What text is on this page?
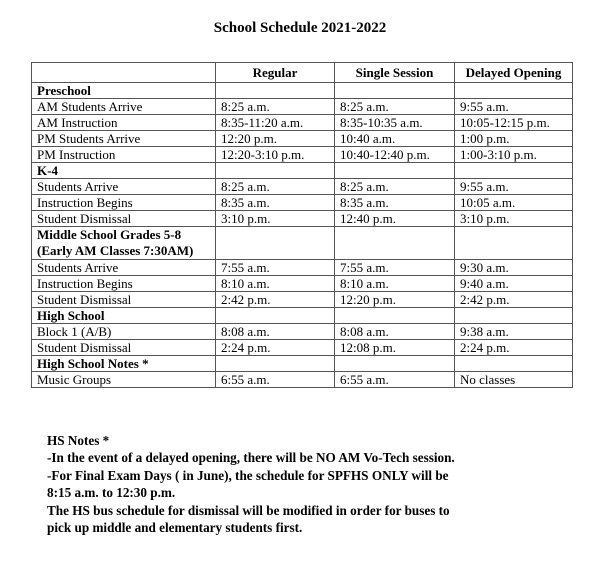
School Schedule 2021-2022
	Regular	Single Session	Delayed Opening

Preschool			

AM Students Arrive	8:25 a.m.	8:25 a.m.	9:55 a.m.
AM Instruction	8:35-11:20 a.m.	8:35-10:35 a.m.	10:05-12:15 p.m.
PM Students Arrive	12:20 p.m.	10:40 a.m.	1:00 p.m.
PM Instruction	12:20-3:10 p.m.	10:40-12:40 p.m.	1:00-3:10 p.m.

K-4			

Students Arrive	8:25 a.m.	8:25 a.m.	9:55 a.m.
Instruction Begins	8:35 a.m.	8:35 a.m.	10:05 a.m.
Student Dismissal	3:10 p.m.	12:40 p.m.	3:10 p.m.

Middle School Grades 5-8
(Early AM Classes 7:30AM)			

Students Arrive	7:55 a.m.	7:55 a.m.	9:30 a.m.
Instruction Begins	8:10 a.m.	8:10 a.m.	9:40 a.m.
Student Dismissal	2:42 p.m.	12:20 p.m.	2:42 p.m.

High School			

Block 1 (A/B)	8:08 a.m.	8:08 a.m.	9:38 a.m.
Student Dismissal	2:24 p.m.	12:08 p.m.	2:24 p.m.

High School Notes *			

Music Groups	6:55 a.m.	6:55 a.m.	No classes
HS Notes *
-In the event of a delayed opening, there will be NO AM Vo-Tech session.
-For Final Exam Days ( in June), the schedule for SPFHS ONLY will be
8:15 a.m. to 12:30 p.m.
The HS bus schedule for dismissal will be modified in order for buses to
pick up middle and elementary students first.
